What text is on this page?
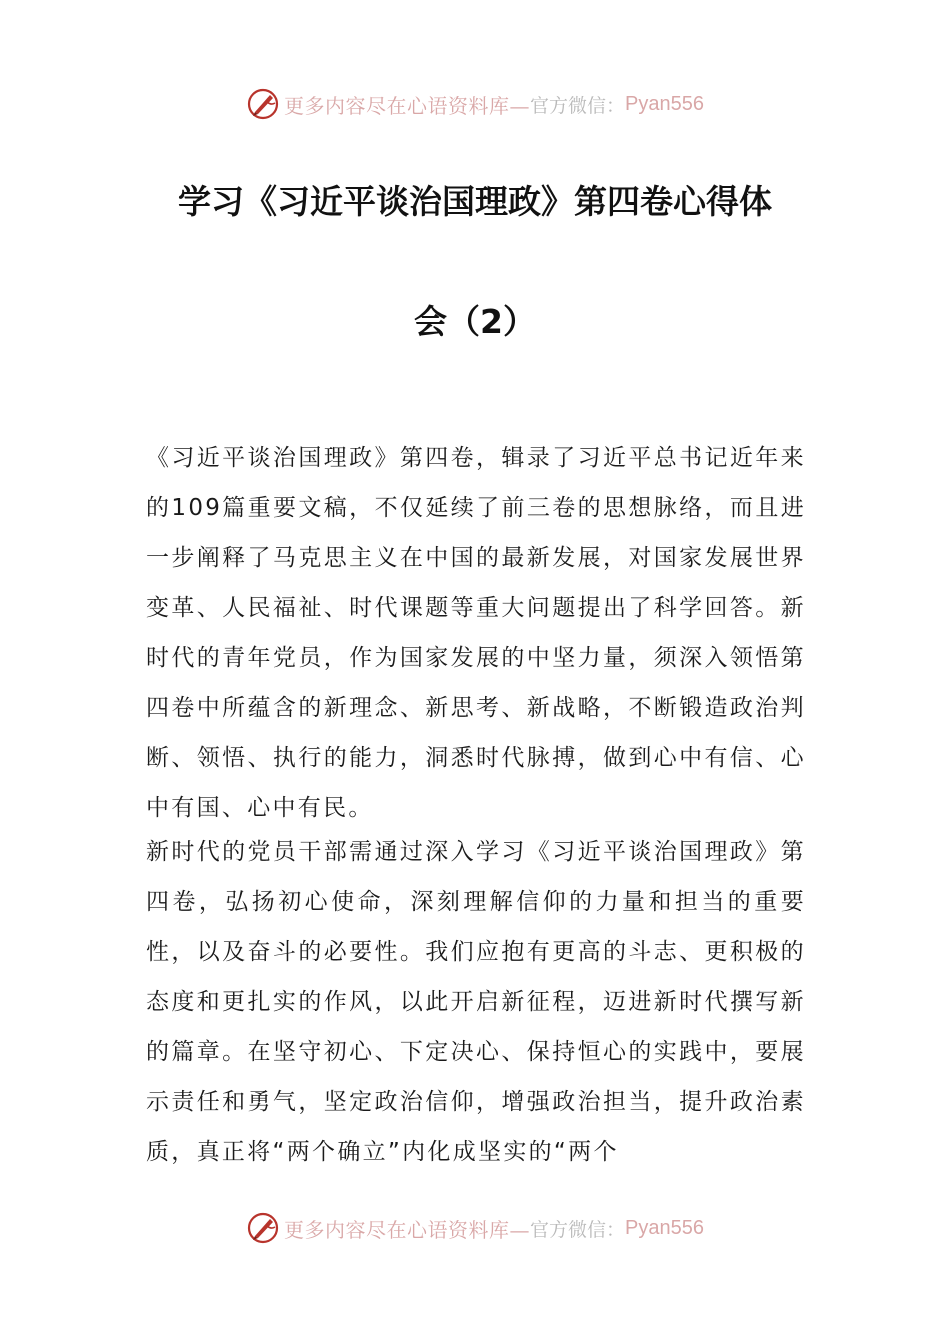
更多内容尽在心语资料库— 官方微信： Pyan556
学习《习近平谈治国理政》第四卷心得体
会（2）

《习近平谈治国理政》第四卷，辑录了习近平总书记近年来的109篇重要文稿，不仅延续了前三卷的思想脉络，而且进一步阐释了马克思主义在中国的最新发展，对国家发展世界变革、人民福祉、时代课题等重大问题提出了科学回答。新时代的青年党员，作为国家发展的中坚力量，须深入领悟第四卷中所蕴含的新理念、新思考、新战略，不断锻造政治判断、领悟、执行的能力，洞悉时代脉搏，做到心中有信、心中有国、心中有民。

新时代的党员干部需通过深入学习《习近平谈治国理政》第四卷，弘扬初心使命，深刻理解信仰的力量和担当的重要性，以及奋斗的必要性。我们应抱有更高的斗志、更积极的态度和更扎实的作风，以此开启新征程，迈进新时代撰写新的篇章。在坚守初心、下定决心、保持恒心的实践中，要展示责任和勇气，坚定政治信仰，增强政治担当，提升政治素质，真正将“两个确立”内化成坚实的“两个

更多内容尽在心语资料库— 官方微信： Pyan556
